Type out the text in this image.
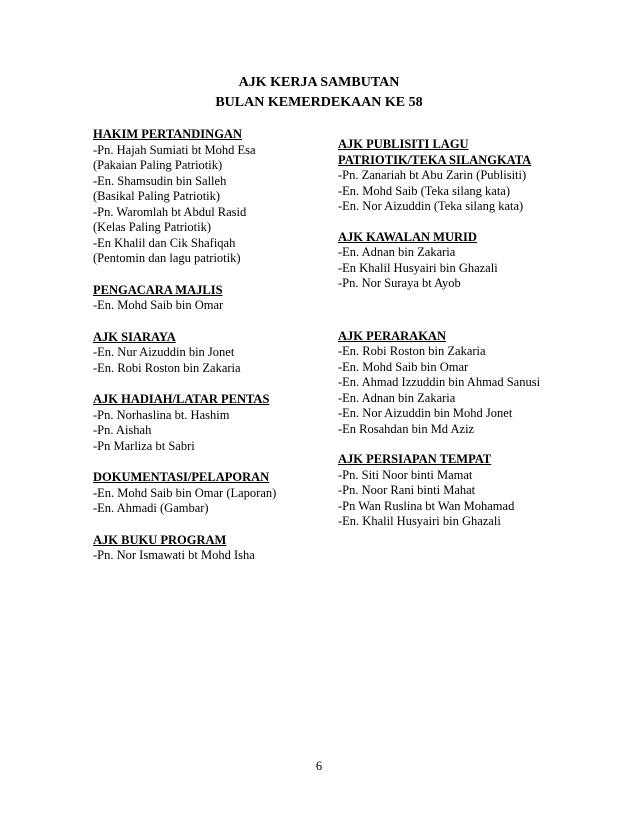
AJK KERJA SAMBUTAN
BULAN KEMERDEKAAN KE 58
HAKIM PERTANDINGAN
-Pn. Hajah Sumiati bt Mohd Esa
(Pakaian Paling Patriotik)
-En. Shamsudin bin Salleh
(Basikal Paling Patriotik)
-Pn. Waromlah bt Abdul Rasid
(Kelas Paling Patriotik)
-En Khalil dan Cik Shafiqah
(Pentomin dan lagu patriotik)
PENGACARA MAJLIS
-En. Mohd Saib bin Omar
AJK SIARAYA
-En. Nur Aizuddin bin Jonet
-En. Robi Roston bin Zakaria
AJK HADIAH/LATAR PENTAS
-Pn. Norhaslina bt. Hashim
-Pn. Aishah
-Pn Marliza bt Sabri
DOKUMENTASI/PELAPORAN
-En. Mohd Saib bin Omar (Laporan)
-En. Ahmadi (Gambar)
AJK BUKU PROGRAM
-Pn. Nor Ismawati bt Mohd Isha
AJK PUBLISITI LAGU
PATRIOTIK/TEKA SILANGKATA
-Pn. Zanariah bt Abu Zarin (Publisiti)
-En. Mohd Saib (Teka silang kata)
-En. Nor Aizuddin (Teka silang kata)
AJK KAWALAN MURID
-En. Adnan bin Zakaria
-En Khalil Husyairi bin Ghazali
-Pn. Nor Suraya bt Ayob
AJK PERARAKAN
-En. Robi Roston bin Zakaria
-En. Mohd Saib bin Omar
-En. Ahmad Izzuddin bin Ahmad Sanusi
-En. Adnan bin Zakaria
-En. Nor Aizuddin bin Mohd Jonet
-En Rosahdan bin Md Aziz
AJK PERSIAPAN TEMPAT
-Pn. Siti Noor binti Mamat
-Pn. Noor Rani binti Mahat
-Pn Wan Ruslina bt Wan Mohamad
-En. Khalil Husyairi bin Ghazali
6
